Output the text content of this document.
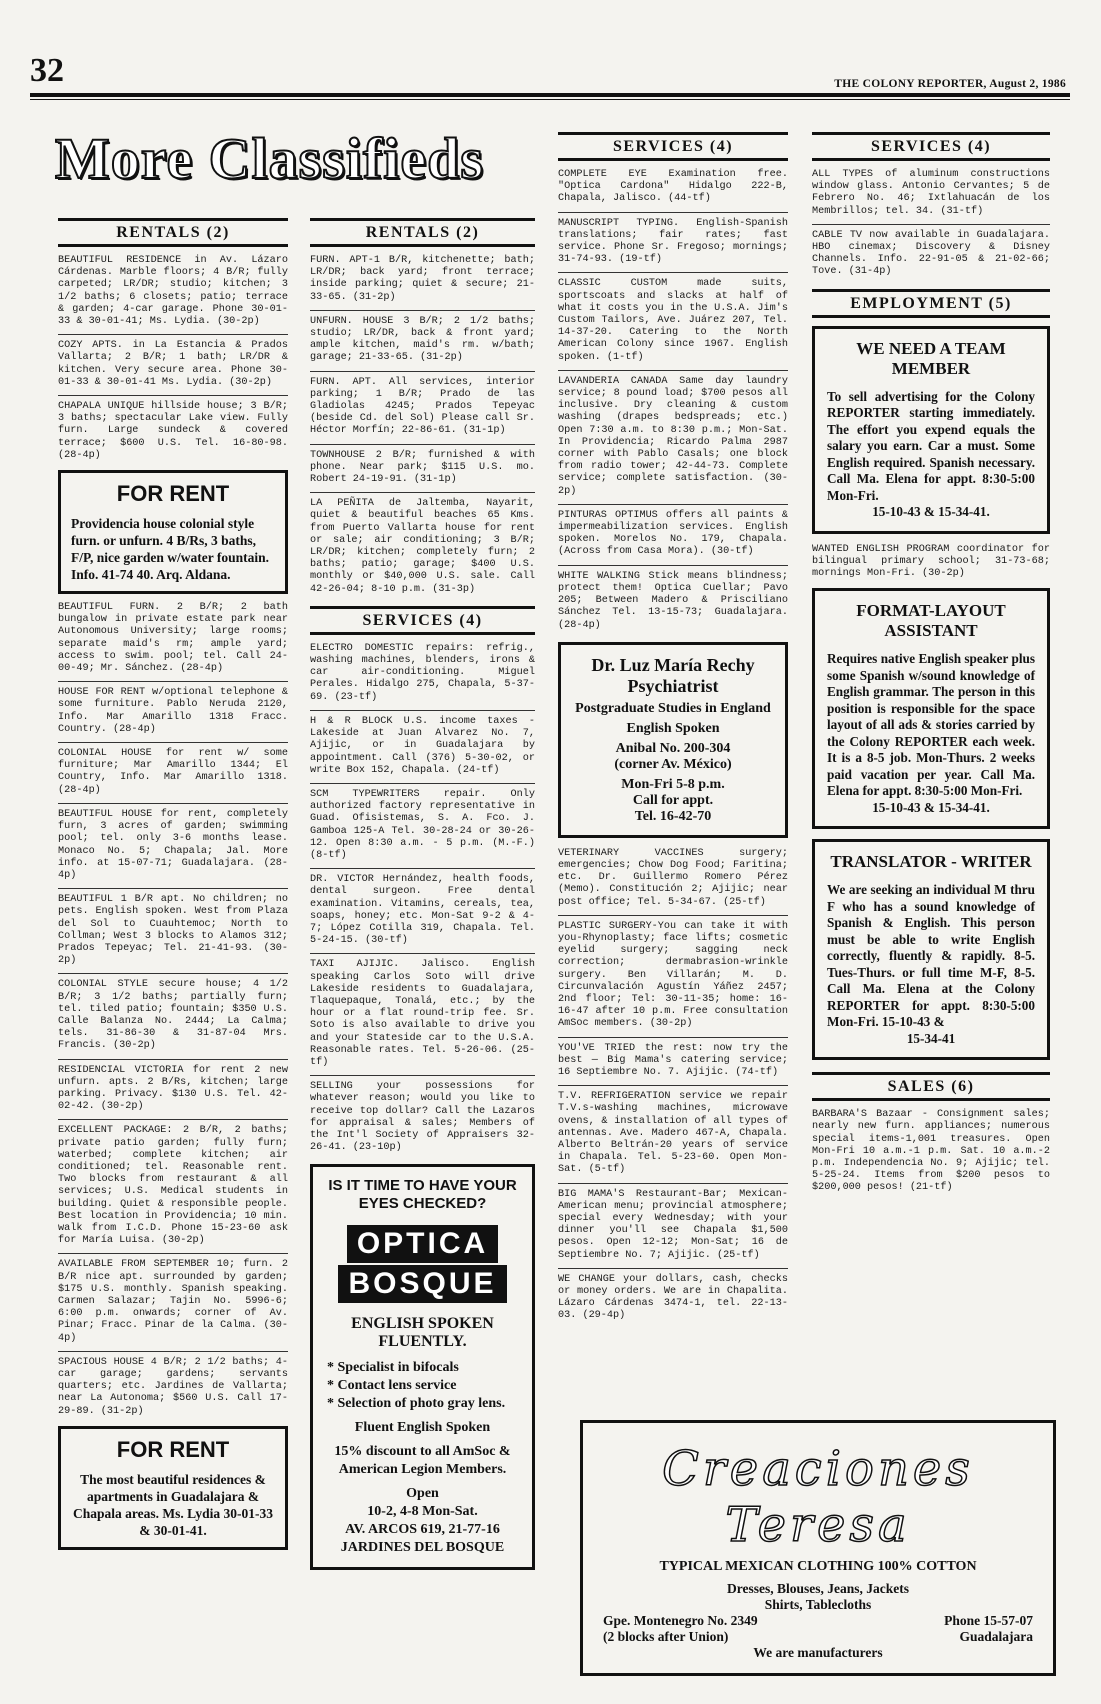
32	THE COLONY REPORTER, August 2, 1986
More Classifieds
RENTALS (2)

BEAUTIFUL RESIDENCE in Av. Lázaro Cárdenas. Marble floors; 4 B/R; fully carpeted; LR/DR; studio; kitchen; 3 1/2 baths; 6 closets; patio; terrace & garden; 4-car garage. Phone 30-01-33 & 30-01-41; Ms. Lydia. (30-2p)

COZY APTS. in La Estancia & Prados Vallarta; 2 B/R; 1 bath; LR/DR & kitchen. Very secure area. Phone 30-01-33 & 30-01-41 Ms. Lydia. (30-2p)

CHAPALA UNIQUE hillside house; 3 B/R; 3 baths; spectacular Lake view. Fully furn. Large sundeck & covered terrace; $600 U.S. Tel. 16-80-98. (28-4p)

FOR RENT
Providencia house colonial style furn. or unfurn. 4 B/Rs, 3 baths, F/P, nice garden w/water fountain. Info. 41-74 40. Arq. Aldana.

BEAUTIFUL FURN. 2 B/R; 2 bath bungalow in private estate park near Autonomous University; large rooms; separate maid's rm; ample yard; access to swim. pool; tel. Call 24-00-49; Mr. Sánchez. (28-4p)

HOUSE FOR RENT w/optional telephone & some furniture. Pablo Neruda 2120, Info. Mar Amarillo 1318 Fracc. Country. (28-4p)

COLONIAL HOUSE for rent w/ some furniture; Mar Amarillo 1344; El Country, Info. Mar Amarillo 1318. (28-4p)

BEAUTIFUL HOUSE for rent, completely furn, 3 acres of garden; swimming pool; tel. only 3-6 months lease. Monaco No. 5; Chapala; Jal. More info. at 15-07-71; Guadalajara. (28-4p)

BEAUTIFUL 1 B/R apt. No children; no pets. English spoken. West from Plaza del Sol to Cuauhtemoc; North to Collman; West 3 blocks to Alamos 312; Prados Tepeyac; Tel. 21-41-93. (30-2p)

COLONIAL STYLE secure house; 4 1/2 B/R; 3 1/2 baths; partially furn; tel. tiled patio; fountain; $350 U.S. Calle Balanza No. 2444; La Calma; tels. 31-86-30 & 31-87-04 Mrs. Francis. (30-2p)

RESIDENCIAL VICTORIA for rent 2 new unfurn. apts. 2 B/Rs, kitchen; large parking. Privacy. $130 U.S. Tel. 42-02-42. (30-2p)

EXCELLENT PACKAGE: 2 B/R, 2 baths; private patio garden; fully furn; waterbed; complete kitchen; air conditioned; tel. Reasonable rent. Two blocks from restaurant & all services; U.S. Medical students in building. Quiet & responsible people. Best location in Providencia; 10 min. walk from I.C.D. Phone 15-23-60 ask for María Luisa. (30-2p)

AVAILABLE FROM SEPTEMBER 10; furn. 2 B/R nice apt. surrounded by garden; $175 U.S. monthly. Spanish speaking. Carmen Salazar; Tajin No. 5996-6; 6:00 p.m. onwards; corner of Av. Pinar; Fracc. Pinar de la Calma. (30-4p)

SPACIOUS HOUSE 4 B/R; 2 1/2 baths; 4-car garage; gardens; servants quarters; etc. Jardines de Vallarta; near La Autonoma; $560 U.S. Call 17-29-89. (31-2p)

FOR RENT
The most beautiful residences & apartments in Guadalajara & Chapala areas. Ms. Lydia 30-01-33 & 30-01-41.
RENTALS (2)

FURN. APT-1 B/R, kitchenette; bath; LR/DR; back yard; front terrace; inside parking; quiet & secure; 21-33-65. (31-2p)

UNFURN. HOUSE 3 B/R; 2 1/2 baths; studio; LR/DR, back & front yard; ample kitchen, maid's rm. w/bath; garage; 21-33-65. (31-2p)

FURN. APT. All services, interior parking; 1 B/R; Prado de las Gladiolas 4245; Prados Tepeyac (beside Cd. del Sol) Please call Sr. Héctor Morfín; 22-86-61. (31-1p)

TOWNHOUSE 2 B/R; furnished & with phone. Near park; $115 U.S. mo. Robert 24-19-91. (31-1p)

LA PEÑITA de Jaltemba, Nayarit, quiet & beautiful beaches 65 Kms. from Puerto Vallarta house for rent or sale; air conditioning; 3 B/R; LR/DR; kitchen; completely furn; 2 baths; patio; garage; $400 U.S. monthly or $40,000 U.S. sale. Call 42-26-04; 8-10 p.m. (31-3p)

SERVICES (4)

ELECTRO DOMESTIC repairs: refrig., washing machines, blenders, irons & car air-conditioning. Miguel Perales. Hidalgo 275, Chapala, 5-37-69. (23-tf)

H & R BLOCK U.S. income taxes - Lakeside at Juan Alvarez No. 7, Ajijic, or in Guadalajara by appointment. Call (376) 5-30-02, or write Box 152, Chapala. (24-tf)

SCM TYPEWRITERS repair. Only authorized factory representative in Guad. Ofisistemas, S. A. Fco. J. Gamboa 125-A Tel. 30-28-24 or 30-26-12. Open 8:30 a.m. - 5 p.m. (M.-F.) (8-tf)

DR. VICTOR Hernández, health foods, dental surgeon. Free dental examination. Vitamins, cereals, tea, soaps, honey; etc. Mon-Sat 9-2 & 4-7; López Cotilla 319, Chapala. Tel. 5-24-15. (30-tf)

TAXI AJIJIC. Jalisco. English speaking Carlos Soto will drive Lakeside residents to Guadalajara, Tlaquepaque, Tonalá, etc.; by the hour or a flat round-trip fee. Sr. Soto is also available to drive you and your Stateside car to the U.S.A. Reasonable rates. Tel. 5-26-06. (25-tf)

SELLING your possessions for whatever reason; would you like to receive top dollar? Call the Lazaros for appraisal & sales; Members of the Int'l Society of Appraisers 32-26-41. (23-10p)

IS IT TIME TO HAVE YOUR EYES CHECKED?
OPTICA
BOSQUE
ENGLISH SPOKEN FLUENTLY.
* Specialist in bifocals
* Contact lens service
* Selection of photo gray lens.
Fluent English Spoken
15% discount to all AmSoc & American Legion Members.
Open
10-2, 4-8 Mon-Sat.
AV. ARCOS 619, 21-77-16
JARDINES DEL BOSQUE
SERVICES (4)

COMPLETE EYE Examination free. "Optica Cardona" Hidalgo 222-B, Chapala, Jalisco. (44-tf)

MANUSCRIPT TYPING. English-Spanish translations; fair rates; fast service. Phone Sr. Fregoso; mornings; 31-74-93. (19-tf)

CLASSIC CUSTOM made suits, sportscoats and slacks at half of what it costs you in the U.S.A. Jim's Custom Tailors, Ave. Juárez 207, Tel. 14-37-20. Catering to the North American Colony since 1967. English spoken. (1-tf)

LAVANDERIA CANADA Same day laundry service; 8 pound load; $700 pesos all inclusive. Dry cleaning & custom washing (drapes bedspreads; etc.) Open 7:30 a.m. to 8:30 p.m.; Mon-Sat. In Providencia; Ricardo Palma 2987 corner with Pablo Casals; one block from radio tower; 42-44-73. Complete service; complete satisfaction. (30-2p)

PINTURAS OPTIMUS offers all paints & impermeabilization services. English spoken. Morelos No. 179, Chapala. (Across from Casa Mora). (30-tf)

WHITE WALKING Stick means blindness; protect them! Optica Cuellar; Pavo 205; Between Madero & Prisciliano Sánchez Tel. 13-15-73; Guadalajara. (28-4p)

Dr. Luz María Rechy
Psychiatrist
Postgraduate Studies in England
English Spoken
Anibal No. 200-304
(corner Av. México)
Mon-Fri 5-8 p.m.
Call for appt.
Tel. 16-42-70

VETERINARY VACCINES surgery; emergencies; Chow Dog Food; Faritina; etc. Dr. Guillermo Romero Pérez (Memo). Constitución 2; Ajijic; near post office; Tel. 5-34-67. (25-tf)

PLASTIC SURGERY-You can take it with you-Rhynoplasty; face lifts; cosmetic eyelid surgery; sagging neck correction; dermabrasion-wrinkle surgery. Ben Villarán; M. D. Circunvalación Agustín Yáñez 2457; 2nd floor; Tel: 30-11-35; home: 16-16-47 after 10 p.m. Free consultation AmSoc members. (30-2p)

YOU'VE TRIED the rest: now try the best — Big Mama's catering service; 16 Septiembre No. 7. Ajijic. (74-tf)

T.V. REFRIGERATION service we repair T.V.s-washing machines, microwave ovens, & installation of all types of antennas. Ave. Madero 467-A, Chapala. Alberto Beltrán-20 years of service in Chapala. Tel. 5-23-60. Open Mon-Sat. (5-tf)

BIG MAMA'S Restaurant-Bar; Mexican-American menu; provincial atmosphere; special every Wednesday; with your dinner you'll see Chapala $1,500 pesos. Open 12-12; Mon-Sat; 16 de Septiembre No. 7; Ajijic. (25-tf)

WE CHANGE your dollars, cash, checks or money orders. We are in Chapalita. Lázaro Cárdenas 3474-1, tel. 22-13-03. (29-4p)

SERVICES (4)

ALL TYPES of aluminum constructions window glass. Antonio Cervantes; 5 de Febrero No. 46; Ixtlahuacán de los Membrillos; tel. 34. (31-tf)

CABLE TV now available in Guadalajara. HBO cinemax; Discovery & Disney Channels. Info. 22-91-05 & 21-02-66; Tove. (31-4p)

EMPLOYMENT (5)
WE NEED A TEAM MEMBER
To sell advertising for the Colony REPORTER starting immediately. The effort you expend equals the salary you earn. Car a must. Some English required. Spanish necessary. Call Ma. Elena for appt. 8:30-5:00 Mon-Fri.
15-10-43 & 15-34-41.

WANTED ENGLISH PROGRAM coordinator for bilingual primary school; 31-73-68; mornings Mon-Fri. (30-2p)

FORMAT-LAYOUT ASSISTANT
Requires native English speaker plus some Spanish w/sound knowledge of English grammar. The person in this position is responsible for the space layout of all ads & stories carried by the Colony REPORTER each week. It is a 8-5 job. Mon-Thurs. 2 weeks paid vacation per year. Call Ma. Elena for appt. 8:30-5:00 Mon-Fri.
15-10-43 & 15-34-41.
TRANSLATOR - WRITER
We are seeking an individual M thru F who has a sound knowledge of Spanish & English. This person must be able to write English correctly, fluently & rapidly. 8-5. Tues-Thurs. or full time M-F, 8-5. Call Ma. Elena at the Colony REPORTER for appt. 8:30-5:00 Mon-Fri. 15-10-43 &
15-34-41
SALES (6)

BARBARA'S Bazaar - Consignment sales; nearly new furn. appliances; numerous special items-1,001 treasures. Open Mon-Fri 10 a.m.-1 p.m. Sat. 10 a.m.-2 p.m. Independencia No. 9; Ajijic; tel. 5-25-24. Items from $200 pesos to $200,000 pesos! (21-tf)

Creaciones Teresa
TYPICAL MEXICAN CLOTHING 100% COTTON
Dresses, Blouses, Jeans, Jackets
Shirts, Tablecloths
Gpe. Montenegro No. 2349	Phone 15-57-07
(2 blocks after Union)	Guadalajara
We are manufacturers
